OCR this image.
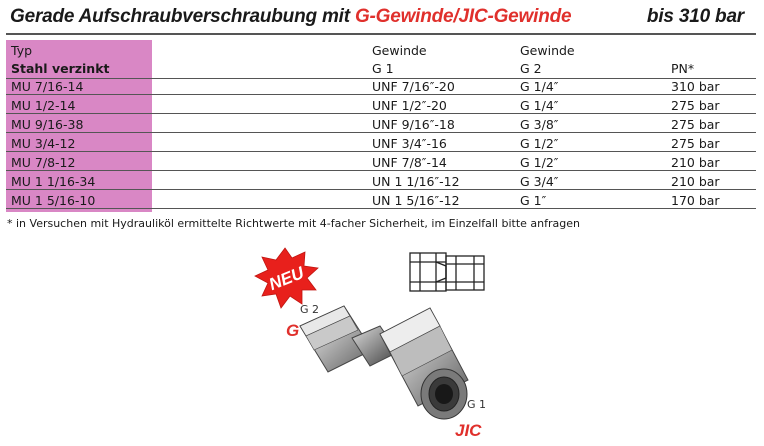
Gerade Aufschraubverschraubung mit G-Gewinde/JIC-Gewinde	bis 310 bar
Typ	Gewinde	Gewinde
Stahl verzinkt	G 1	G 2	PN*
MU 7/16-14	UNF 7/16″-20	G 1/4″	310 bar
MU 1/2-14	UNF 1/2″-20	G 1/4″	275 bar
MU 9/16-38	UNF 9/16″-18	G 3/8″	275 bar
MU 3/4-12	UNF 3/4″-16	G 1/2″	275 bar
MU 7/8-12	UNF 7/8″-14	G 1/2″	210 bar
MU 1 1/16-34	UN 1 1/16″-12	G 3/4″	210 bar
MU 1 5/16-10	UN 1 5/16″-12	G 1″	170 bar
* in Versuchen mit Hydrauliköl ermittelte Richtwerte mit 4-facher Sicherheit, im Einzelfall bitte anfragen
NEU
G 2
G
G 1
JIC
